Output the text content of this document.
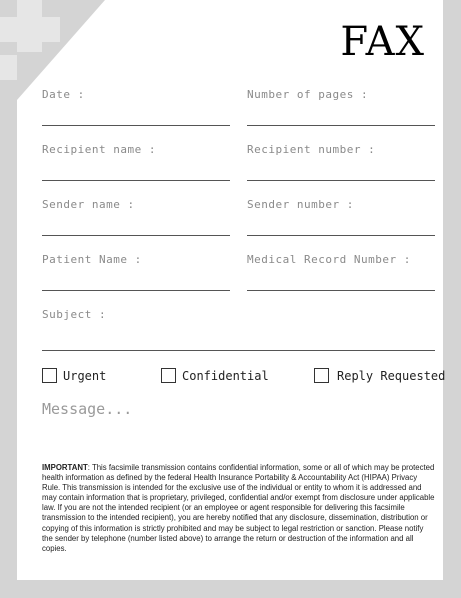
FAX
Date :	Number of pages :
Recipient name :	Recipient number :
Sender name :	Sender number :
Patient Name :	Medical Record Number :
Subject :
Urgent	Confidential	Reply Requested
Message...
IMPORTANT: This facsimile transmission contains confidential information, some or all of which may be protected health information as defined by the federal Health Insurance Portability & Accountability Act (HIPAA) Privacy Rule. This transmission is intended for the exclusive use of the individual or entity to whom it is addressed and may contain information that is proprietary, privileged, confidential and/or exempt from disclosure under applicable law. If you are not the intended recipient (or an employee or agent responsible for delivering this facsimile transmission to the intended recipient), you are hereby notified that any disclosure, dissemination, distribution or copying of this information is strictly prohibited and may be subject to legal restriction or sanction. Please notify the sender by telephone (number listed above) to arrange the return or destruction of the information and all copies.
